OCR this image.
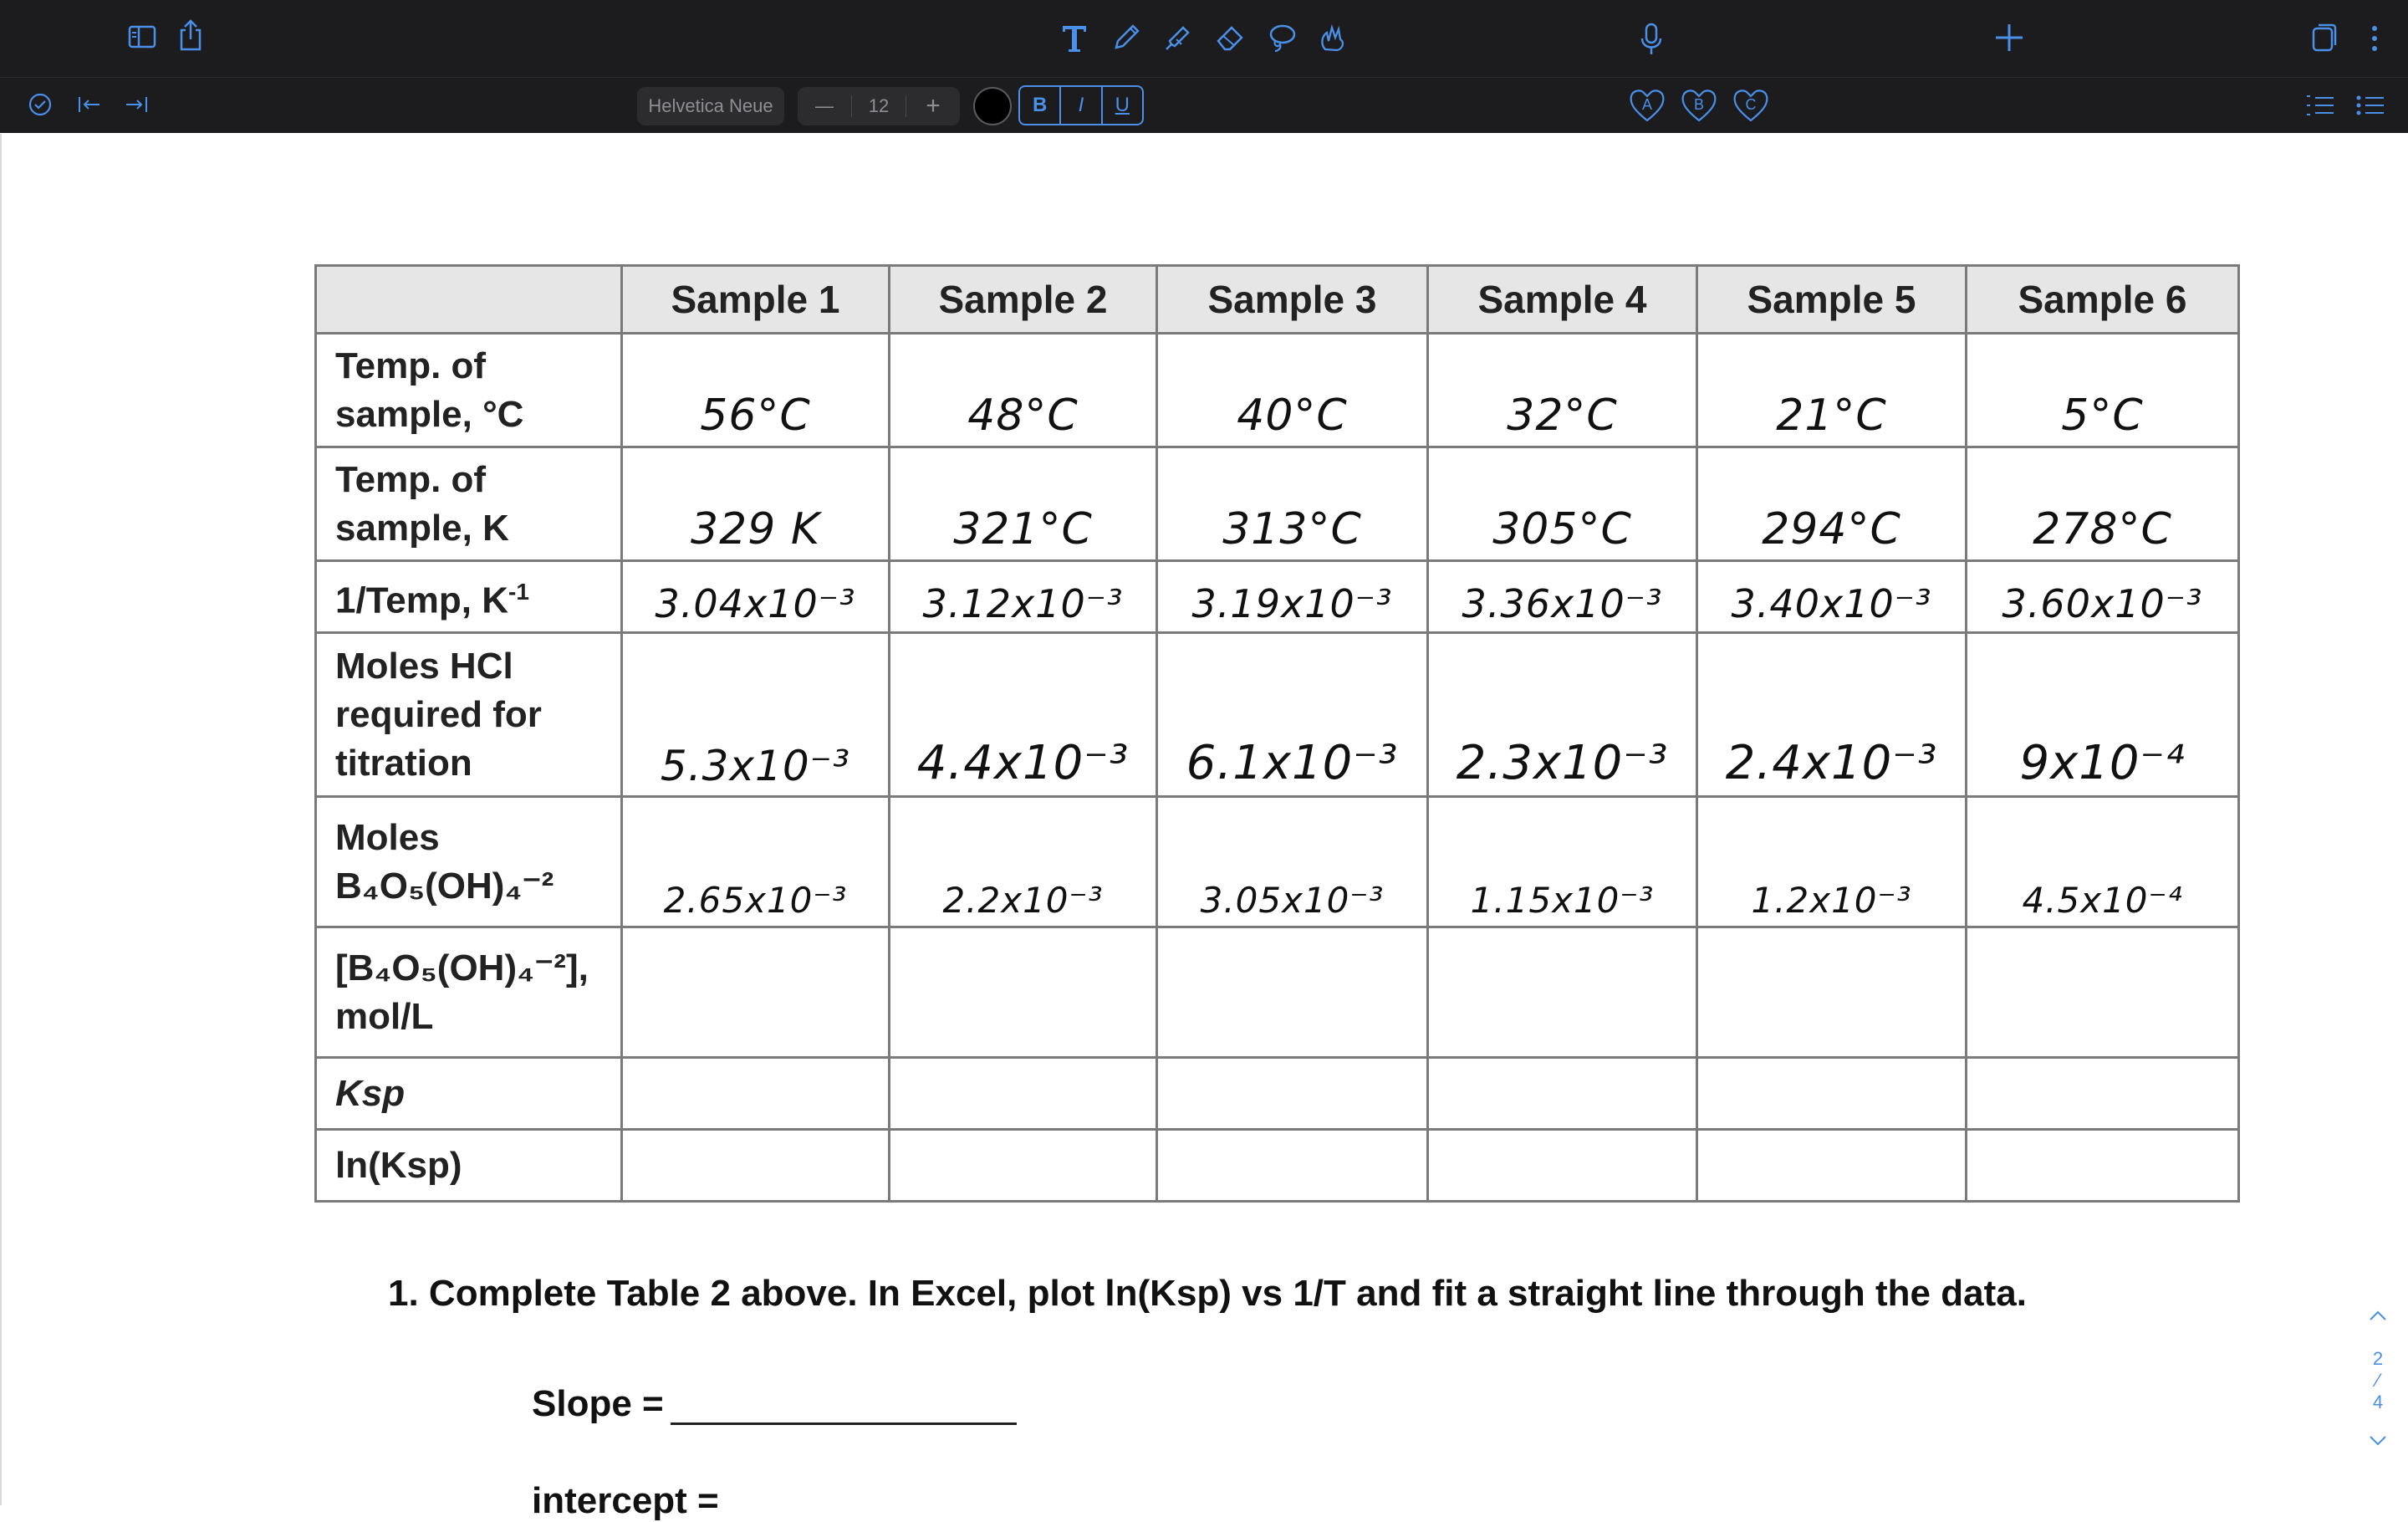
A	B	C
Helvetica Neue	—	12	+	B	I	U
	Sample 1	Sample 2	Sample 3	Sample 4	Sample 5	Sample 6
Temp. of
sample, °C	56°C	48°C	40°C	32°C	21°C	5°C
Temp. of
sample, K	329 K	321°C	313°C	305°C	294°C	278°C
1/Temp, $K^{-1}$	3.04x10⁻³	3.12x10⁻³	3.19x10⁻³	3.36x10⁻³	3.40x10⁻³	3.60x10⁻³
Moles HCl
required for
titration	5.3x10⁻³	4.4x10⁻³	6.1x10⁻³	2.3x10⁻³	2.4x10⁻³	9x10⁻⁴
Moles
B₄O₅(OH)₄⁻²	2.65x10⁻³	2.2x10⁻³	3.05x10⁻³	1.15x10⁻³	1.2x10⁻³	4.5x10⁻⁴
[B₄O₅(OH)₄⁻²],
mol/L						
Ksp						
ln(Ksp)						
1. Complete Table 2 above. In Excel, plot ln(Ksp) vs 1/T and fit a straight line through the data.
Slope =
intercept =
2
⁄
4
